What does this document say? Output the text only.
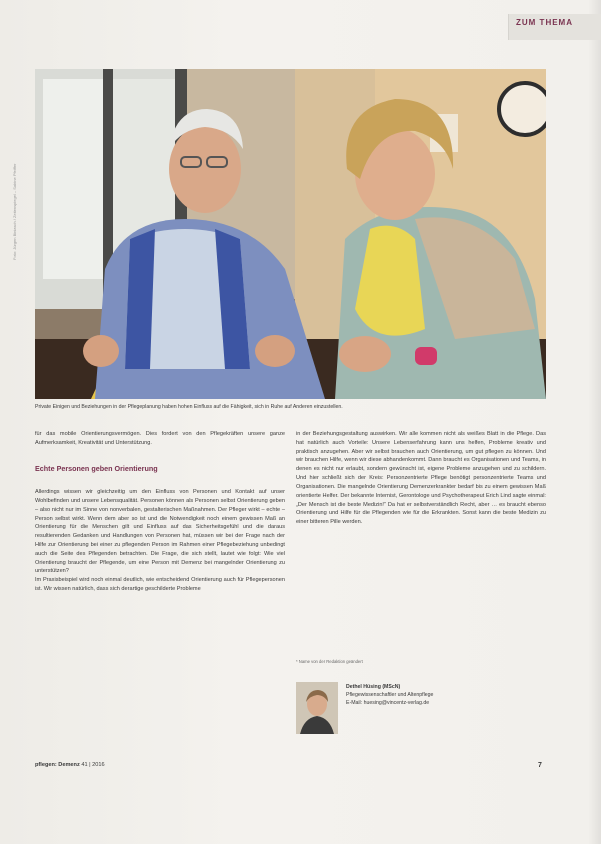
ZUM THEMA
Foto: Jürgen Biniasch / Zeitenspiegel – Sabine Pfeiffer
Private Einigen und Beziehungen in der Pflegeplanung haben hohen Einfluss auf die Fähigkeit, sich in Ruhe auf Anderen einzustellen.

für das mobile Orientierungsvermögen. Dies fordert von den Pflegekräften unsere ganze Aufmerksamkeit, Kreativität und Unterstützung.

Echte Personen geben Orientierung

Allerdings wissen wir gleichzeitig um den Einfluss von Personen und Kontakt auf unser Wohlbefinden und unsere Lebensqualität. Personen können als Personen selbst Orientierung geben – also nicht nur im Sinne von nonverbalen, gestalterischen Maßnahmen. Der Pfleger wirkt – echte – Person selbst wirkt. Wenn dem aber so ist und die Notwendigkeit noch einem gewissen Maß an Orientierung für die Menschen gilt und Einfluss auf das Sicherheitsgefühl und die daraus resultierenden Gedanken und Handlungen von Personen hat, müssen wir bei der Frage nach der Hilfe zur Orientierung bei einer zu pflegenden Person im Rahmen einer Pflegebeziehung unbedingt auch die Seite des Pflegenden betrachten. Die Frage, die sich stellt, lautet wie folgt: Wie viel Orientierung braucht der Pflegende, um eine Person mit Demenz bei mangelnder Orientierung zu unterstützen?

Im Praxisbeispiel wird noch einmal deutlich, wie entscheidend Orientierung auch für Pflegepersonen ist. Wir wissen natürlich, dass sich derartige geschilderte Probleme

in der Beziehungsgestaltung auswirken. Wir alle kommen nicht als weißes Blatt in die Pflege. Das hat natürlich auch Vorteile: Unsere Lebenserfahrung kann uns helfen, Probleme kreativ und praktisch anzugehen. Aber wir selbst brauchen auch Orientierung, um gut pflegen zu können. Und wir brauchen Hilfe, wenn wir diese abhandenkommt. Dann braucht es Organisationen und Teams, in denen es nicht nur erlaubt, sondern gewünscht ist, eigene Probleme anzugehen und zu schildern. Und hier schließt sich der Kreis: Personzentrierte Pflege benötigt personzentrierte Teams und Organisationen. Die mangelnde Orientierung Demenzerkrankter bedarf bis zu einem gewissen Maß orientierte Helfer. Der bekannte Internist, Gerontologe und Psychotherapeut Erich Lind sagte einmal: „Der Mensch ist die beste Medizin!“ Da hat er selbstverständlich Recht, aber … es braucht ebenso Orientierung und Hilfe für die Pflegenden wie für die Erkrankten. Sonst kann die beste Medizin zu einer bitteren Pille werden.

* Name von der Redaktion geändert
Dethel Hüsing (MScN)
Pflegewissenschaftler und Altenpflege
E-Mail: huesing@vincentz-verlag.de
pflegen: Demenz 41 | 2016	7
